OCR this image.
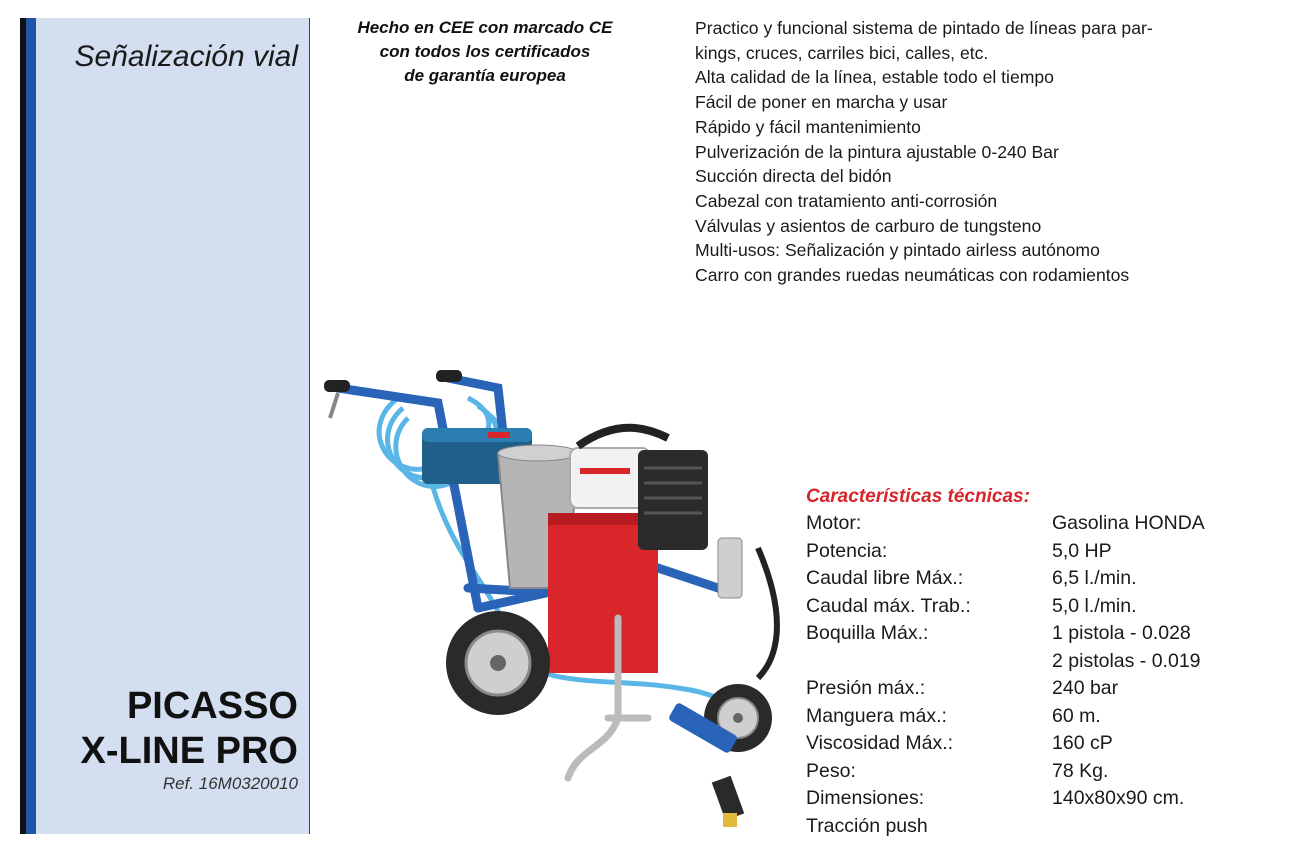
Señalización vial
PICASSO
X-LINE PRO
Ref. 16M0320010
Hecho en CEE con marcado CE
con todos los certificados
de garantía europea
Practico y funcional sistema de pintado de líneas para par-
kings, cruces, carriles bici, calles, etc.
Alta calidad de la línea, estable todo el tiempo
Fácil de poner en marcha y usar
Rápido y fácil mantenimiento
Pulverización de la pintura ajustable 0-240 Bar
Succión directa del bidón
Cabezal con tratamiento anti-corrosión
Válvulas y asientos de carburo de tungsteno
Multi-usos: Señalización y pintado airless autónomo
Carro con grandes ruedas neumáticas con rodamientos
Características técnicas:
Motor:	Gasolina HONDA
Potencia:	5,0 HP
Caudal libre Máx.:	6,5 l./min.
Caudal máx. Trab.:	5,0 l./min.
Boquilla Máx.:	1 pistola - 0.028
2 pistolas - 0.019
Presión máx.:	240 bar
Manguera máx.:	60 m.
Viscosidad Máx.:	160 cP
Peso:	78 Kg.
Dimensiones:	140x80x90 cm.
Tracción push
